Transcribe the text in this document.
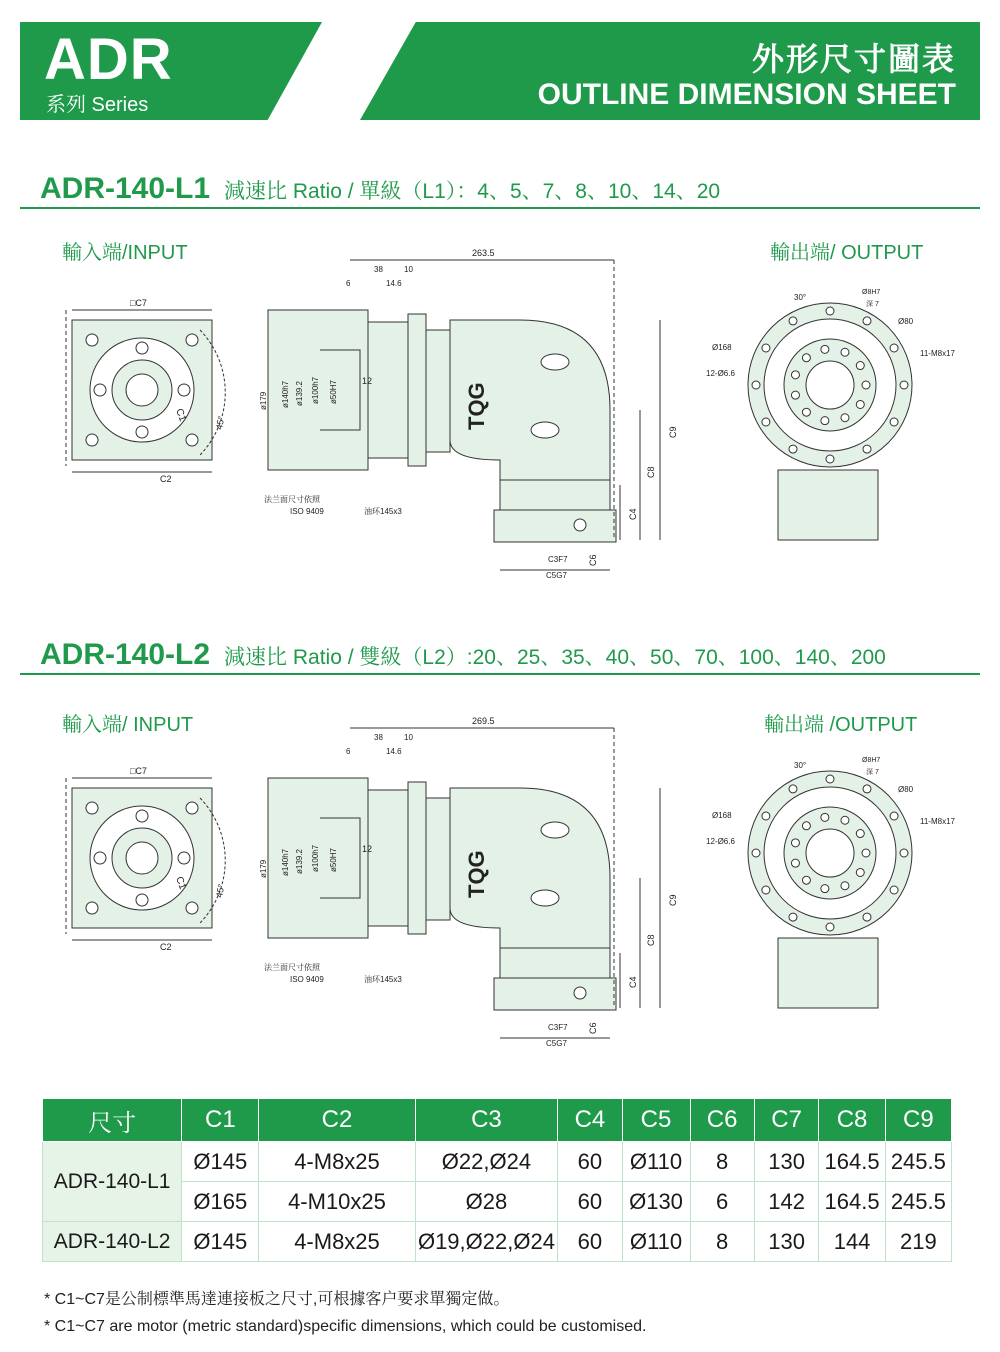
ADR
系列 Series
外形尺寸圖表
OUTLINE DIMENSION SHEET
ADR-140-L1 減速比 Ratio / 單級（L1）：4、5、7、8、10、14、20
輸入端/INPUT	輸出端/ OUTPUT
ADR-140-L2 減速比 Ratio / 雙級（L2）:20、25、35、40、50、70、100、140、200
輸入端/ INPUT	輸出端 /OUTPUT
□C7
C2
C1	45°
263.5
38	10
6	14.6
12
ø179 ø140h7 ø139.2 ø100h7 ø50H7
法兰面尺寸依照
ISO 9409	油环145x3
C9
C8
C4
C6
C3F7
C5G7
30°
Ø8H7
深 7
Ø80
Ø168
12-Ø6.6
11-M8x17
TQG
□C7
C2
C1	45°
269.5
38	10
6	14.6
12
ø179 ø140h7 ø139.2 ø100h7 ø50H7
法兰面尺寸依照
ISO 9409	油环145x3
C9
C8
C4
C6
C3F7
C5G7
30°
Ø8H7
深 7
Ø80
Ø168
12-Ø6.6
11-M8x17
TQG
尺寸	C1	C2	C3	C4	C5	C6	C7	C8	C9
ADR-140-L1	Ø145	4-M8x25	Ø22,Ø24	60	Ø110	8	130	164.5	245.5
	Ø165	4-M10x25	Ø28	60	Ø130	6	142	164.5	245.5
ADR-140-L2	Ø145	4-M8x25	Ø19,Ø22,Ø24	60	Ø110	8	130	144	219
* C1~C7是公制標準馬達連接板之尺寸,可根據客户要求單獨定做。
* C1~C7 are motor (metric standard)specific dimensions, which could be customised.
